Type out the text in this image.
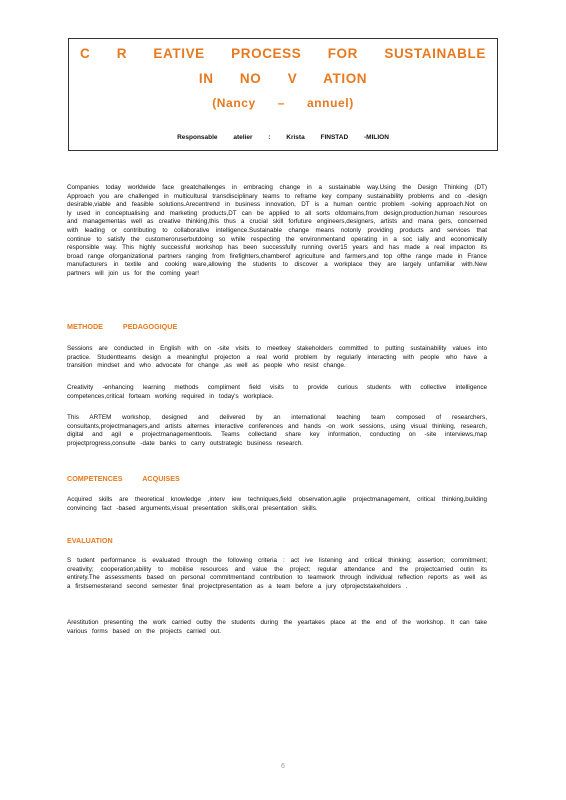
C R EATIVE PROCESS FOR SUSTAINABLE
IN NO V ATION
(Nancy – annuel)
Responsable atelier : Krista FINSTAD -MILION
Companies today worldwide face greatchallenges in embracing change in a sustainable way.Using the Design Thinking (DT) Approach you are challenged in multicultural transdisciplinary teams to reframe key company sustainability problems and co -design desirable,viable and feasible solutions.Arecentrend in business innovation, DT is a human centric problem -solving approach.Not on ly used in conceptualising and marketing products,DT can be applied to all sorts ofdomains,from design,production,human resources and managementas well as creative thinking,this thus a crucial skill forfuture engineers,designers, artists and mana gers, concerned with leading or contributing to collaborative intelligence.Sustainable change means notonly providing products and services that continue to satisfy the customeroruserbutdoing so while respecting the environmentand operating in a soc ially and economically responsible way. This highly successful workshop has been successfully running over15 years and has made a real impacton its broad range oforganizational partners ranging from firefighters,chamberof agriculture and farmers,and top ofthe range made in France manufacturers in textile and cooking ware,allowing the students to discover a workplace they are largely unfamiliar with.New partners will join us for the coming year!
METHODE PEDAGOGIQUE
Sessions are conducted in English with on -site visits to meetkey stakeholders committed to putting sustainability values into practice. Studentteams design a meaningful projecton a real world problem by regularly interacting with people who have a transition mindset and who advocate for change ,as well as people who resist change.
Creativity -enhancing learning methods compliment field visits to provide curious students with collective intelligence competences,critical forteam working required in today's workplace.
This ARTEM workshop, designed and delivered by an international teaching team composed of researchers, consultants,projectmanagers,and artists alternes interactive conferences and hands -on work sessions, using visual thinking, research, digital and agil e projectmanagementtools. Teams collectand share key information, conducting on -site interviews,map projectprogress,consulte -date banks to carry outstrategic business research.
COMPETENCES ACQUISES
Acquired skills are theoretical knowledge ,interv iew techniques,field observation,agile projectmanagement, critical thinking,building convincing fact -based arguments,visual presentation skills,oral presentation skills.
EVALUATION
S tudent performance is evaluated through the following criteria : act ive listening and critical thinking; assertion; commitment; creativity; cooperation;ability to mobilise resources and value the project; regular attendance and the projectcarried outin its entirety.The assessments based on personal commitmentand contribution to teamwork through individual reflection reports as well as a firstsemesterand second semester final projectpresentation as a team before a jury ofprojectstakeholders .
Arestitution presenting the work carried outby the students during the yeartakes place at the end of the workshop. It can take various forms based on the projects carried out.
6
